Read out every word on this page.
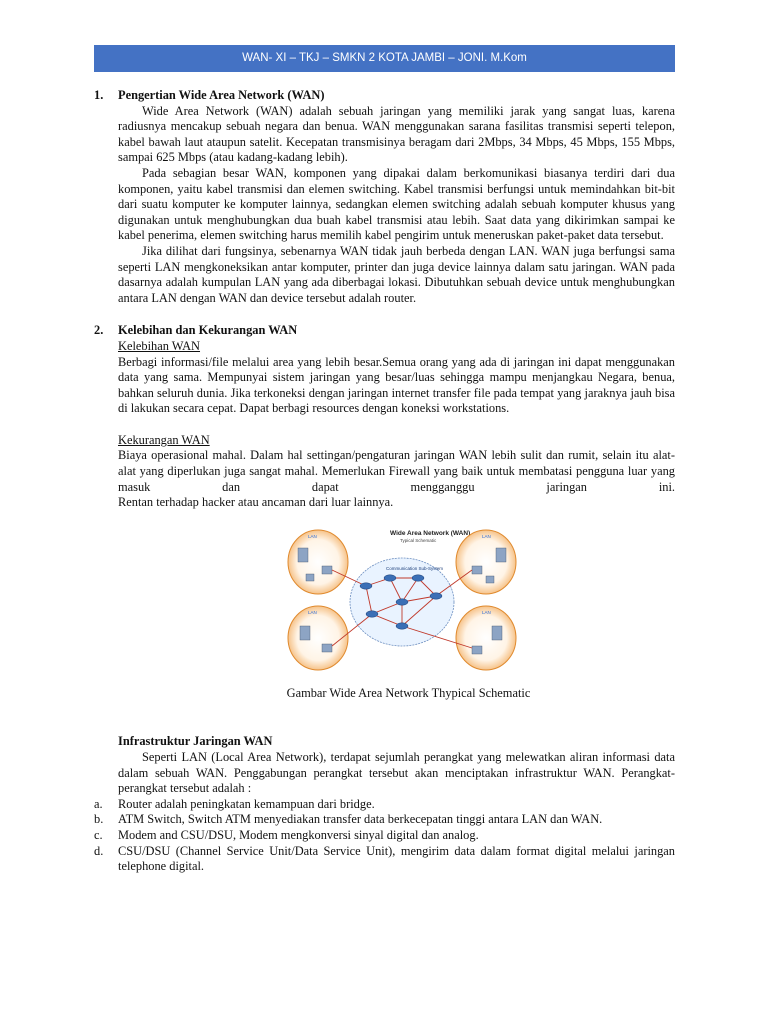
WAN- XI – TKJ – SMKN 2 KOTA JAMBI – JONI. M.Kom
1. Pengertian Wide Area Network (WAN)

Wide Area Network (WAN) adalah sebuah jaringan yang memiliki jarak yang sangat luas, karena radiusnya mencakup sebuah negara dan benua. WAN menggunakan sarana fasilitas transmisi seperti telepon, kabel bawah laut ataupun satelit. Kecepatan transmisinya beragam dari 2Mbps, 34 Mbps, 45 Mbps, 155 Mbps, sampai 625 Mbps (atau kadang-kadang lebih).

Pada sebagian besar WAN, komponen yang dipakai dalam berkomunikasi biasanya terdiri dari dua komponen, yaitu kabel transmisi dan elemen switching. Kabel transmisi berfungsi untuk memindahkan bit-bit dari suatu komputer ke komputer lainnya, sedangkan elemen switching adalah sebuah komputer khusus yang digunakan untuk menghubungkan dua buah kabel transmisi atau lebih. Saat data yang dikirimkan sampai ke kabel penerima, elemen switching harus memilih kabel pengirim untuk meneruskan paket-paket data tersebut.

Jika dilihat dari fungsinya, sebenarnya WAN tidak jauh berbeda dengan LAN. WAN juga berfungsi sama seperti LAN mengkoneksikan antar komputer, printer dan juga device lainnya dalam satu jaringan. WAN pada dasarnya adalah kumpulan LAN yang ada diberbagai lokasi. Dibutuhkan sebuah device untuk menghubungkan antara LAN dengan WAN dan device tersebut adalah router.

2. Kelebihan dan Kekurangan WAN

Kelebihan WAN

Berbagi informasi/file melalui area yang lebih besar.Semua orang yang ada di jaringan ini dapat menggunakan data yang sama. Mempunyai sistem jaringan yang besar/luas sehingga mampu menjangkau Negara, benua, bahkan seluruh dunia. Jika terkoneksi dengan jaringan internet transfer file pada tempat yang jaraknya jauh bisa di lakukan secara cepat. Dapat berbagi resources dengan koneksi workstations.

Kekurangan WAN

Biaya operasional mahal. Dalam hal settingan/pengaturan jaringan WAN lebih sulit dan rumit, selain itu alat-alat yang diperlukan juga sangat mahal. Memerlukan Firewall yang baik untuk membatasi pengguna luar yang masuk dan dapat mengganggu jaringan ini.

Rentan terhadap hacker atau ancaman dari luar lainnya.

Wide Area Network (WAN)
Typical Schematic
LAN	LAN
LAN	LAN
Communication Sub-System

Gambar Wide Area Network Thypical Schematic

Infrastruktur Jaringan WAN

Seperti LAN (Local Area Network), terdapat sejumlah perangkat yang melewatkan aliran informasi data dalam sebuah WAN. Penggabungan perangkat tersebut akan menciptakan infrastruktur WAN. Perangkat-perangkat tersebut adalah :

a. Router adalah peningkatan kemampuan dari bridge.

b. ATM Switch, Switch ATM menyediakan transfer data berkecepatan tinggi antara LAN dan WAN.

c. Modem and CSU/DSU, Modem mengkonversi sinyal digital dan analog.

d. CSU/DSU (Channel Service Unit/Data Service Unit), mengirim data dalam format digital melalui jaringan telephone digital.
